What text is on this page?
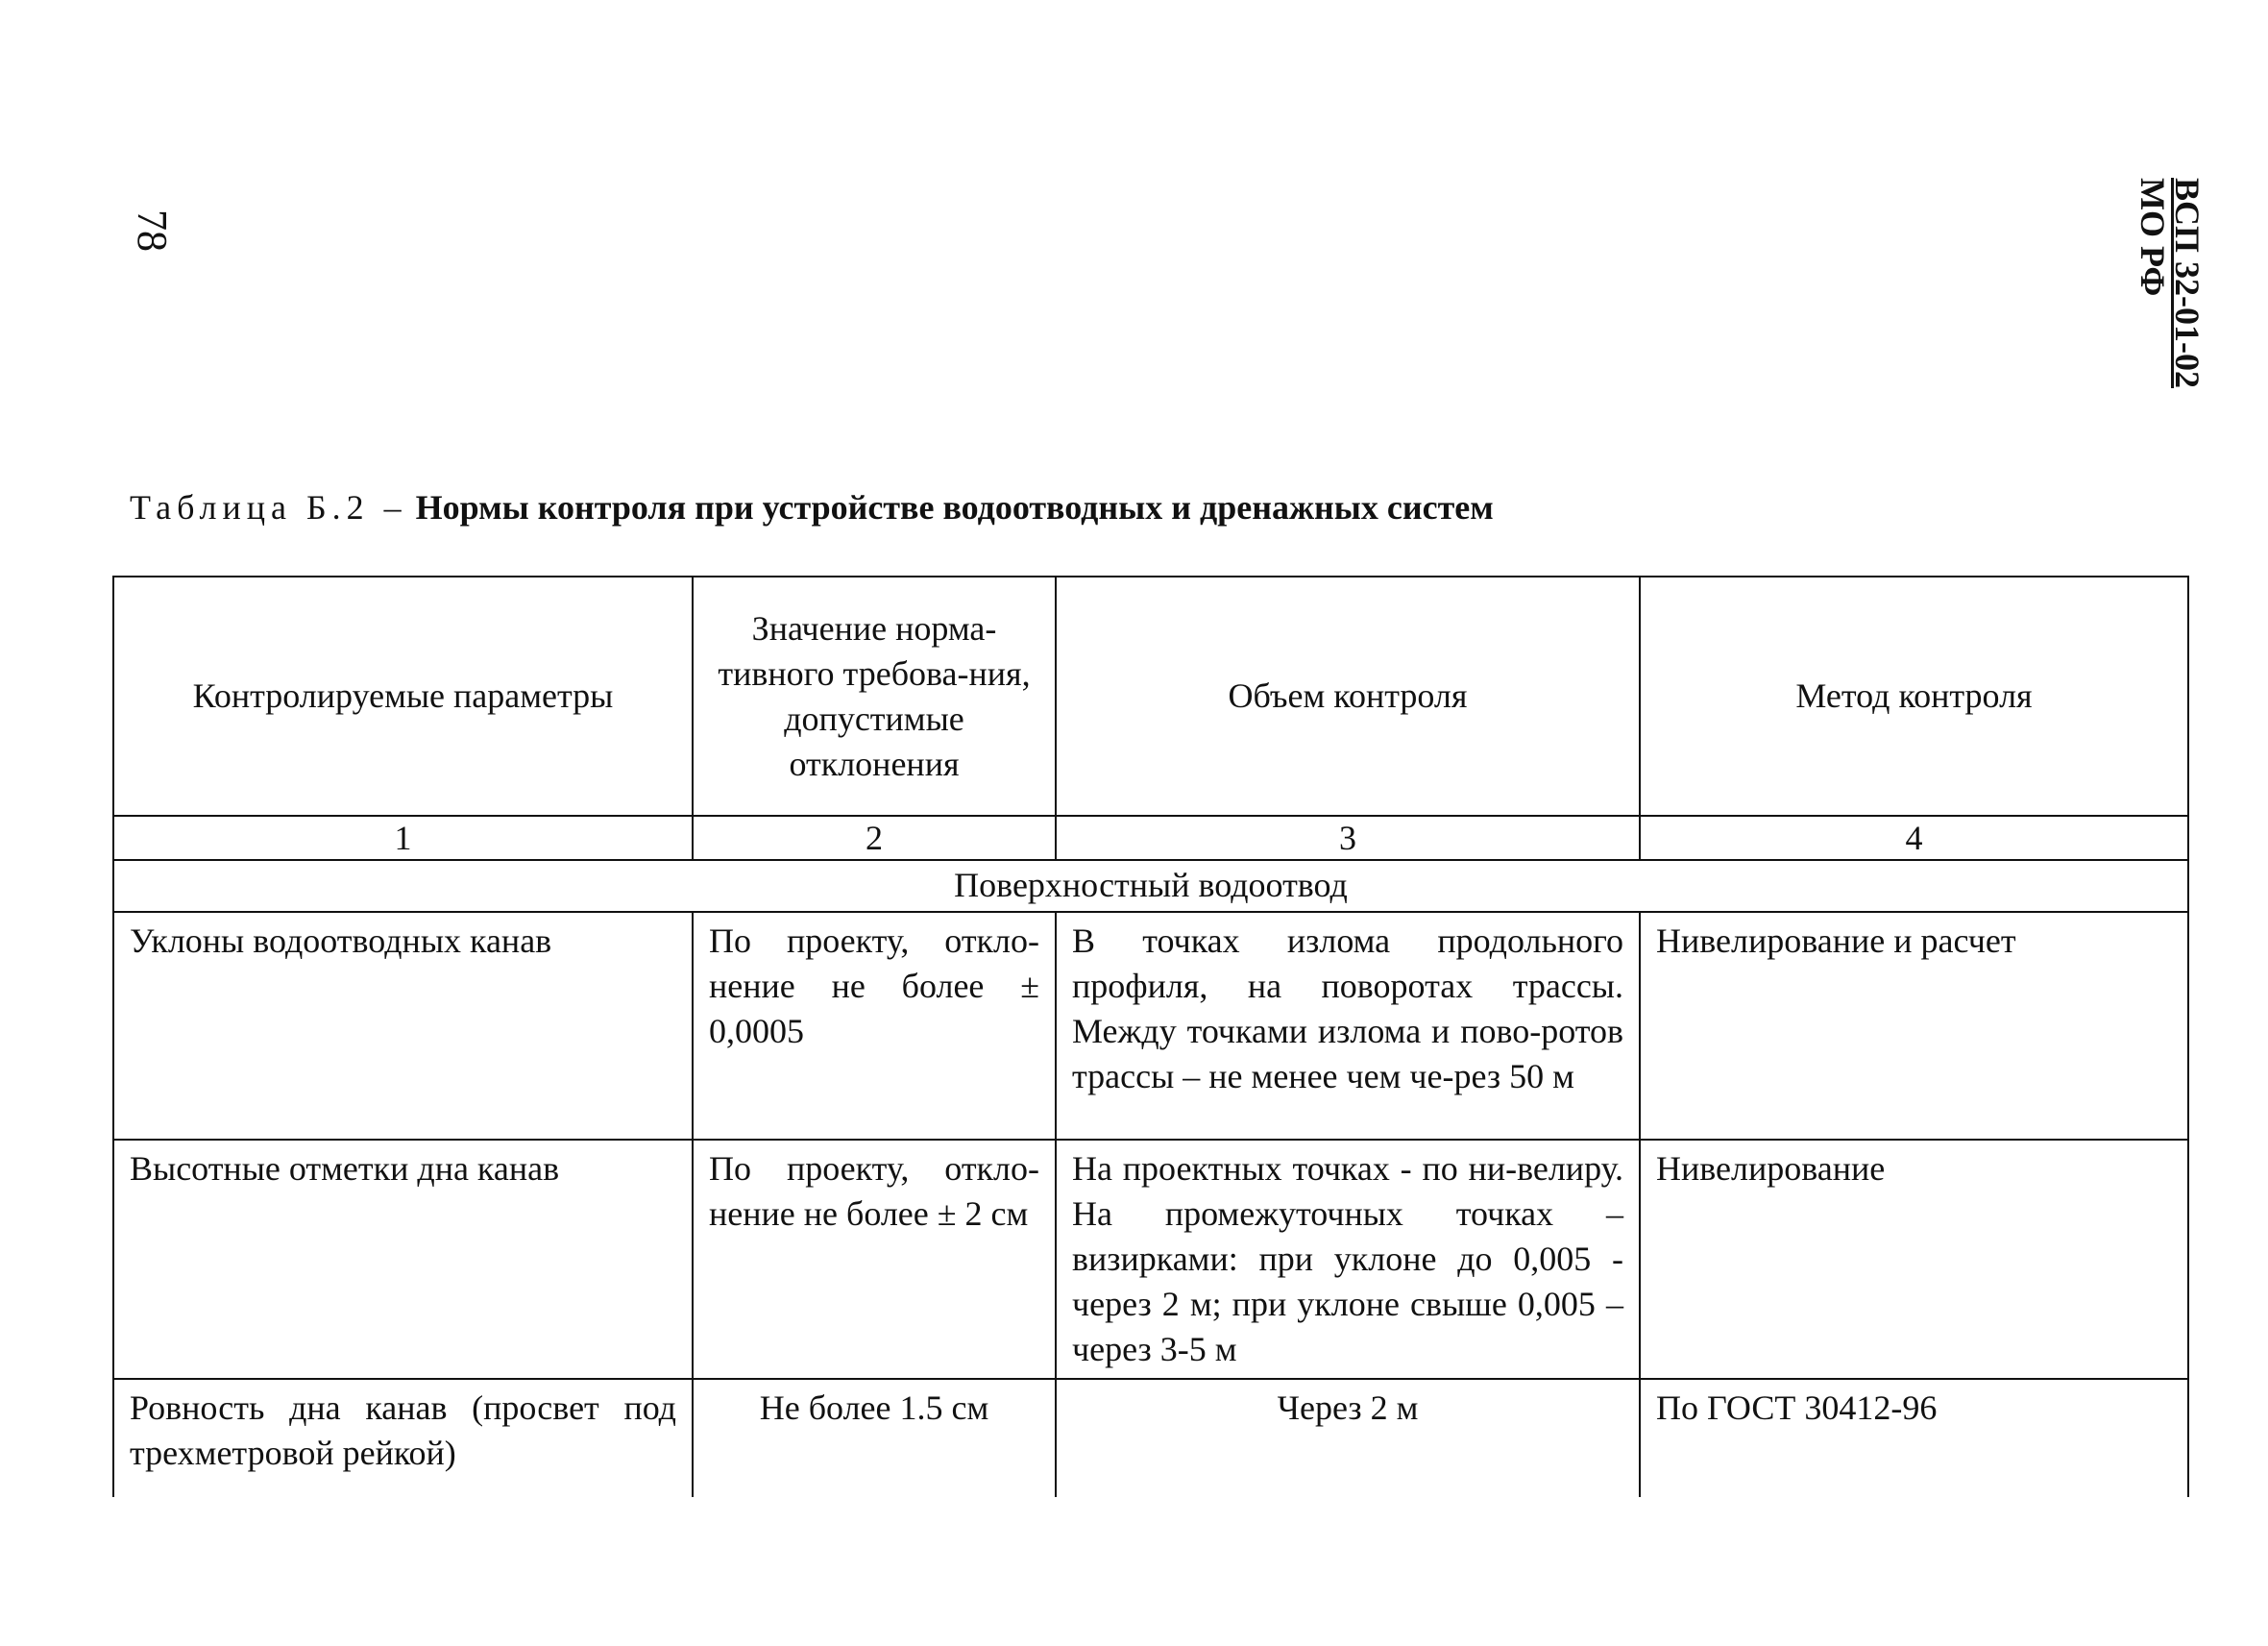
78	ВСП 32-01-02
МО РФ
Таблица Б.2 – Нормы контроля при устройстве водоотводных и дренажных систем
Контролируемые параметры	Значение норма-тивного требова-ния, допустимые отклонения	Объем контроля	Метод контроля
1	2	3	4
Поверхностный водоотвод			
Уклоны водоотводных канав	По проекту, откло-нение не более ± 0,0005	В точках излома продольного профиля, на поворотах трассы. Между точками излома и пово-ротов трассы – не менее чем че-рез 50 м	Нивелирование и расчет
Высотные отметки дна канав	По проекту, откло-нение не более ± 2 см	На проектных точках - по ни-велиру. На промежуточных точках – визирками: при уклоне до 0,005 - через 2 м; при уклоне свыше 0,005 – через 3-5 м	Нивелирование
Ровность дна канав (просвет под трехметровой рейкой)	Не более 1.5 см	Через 2 м	По ГОСТ 30412-96
